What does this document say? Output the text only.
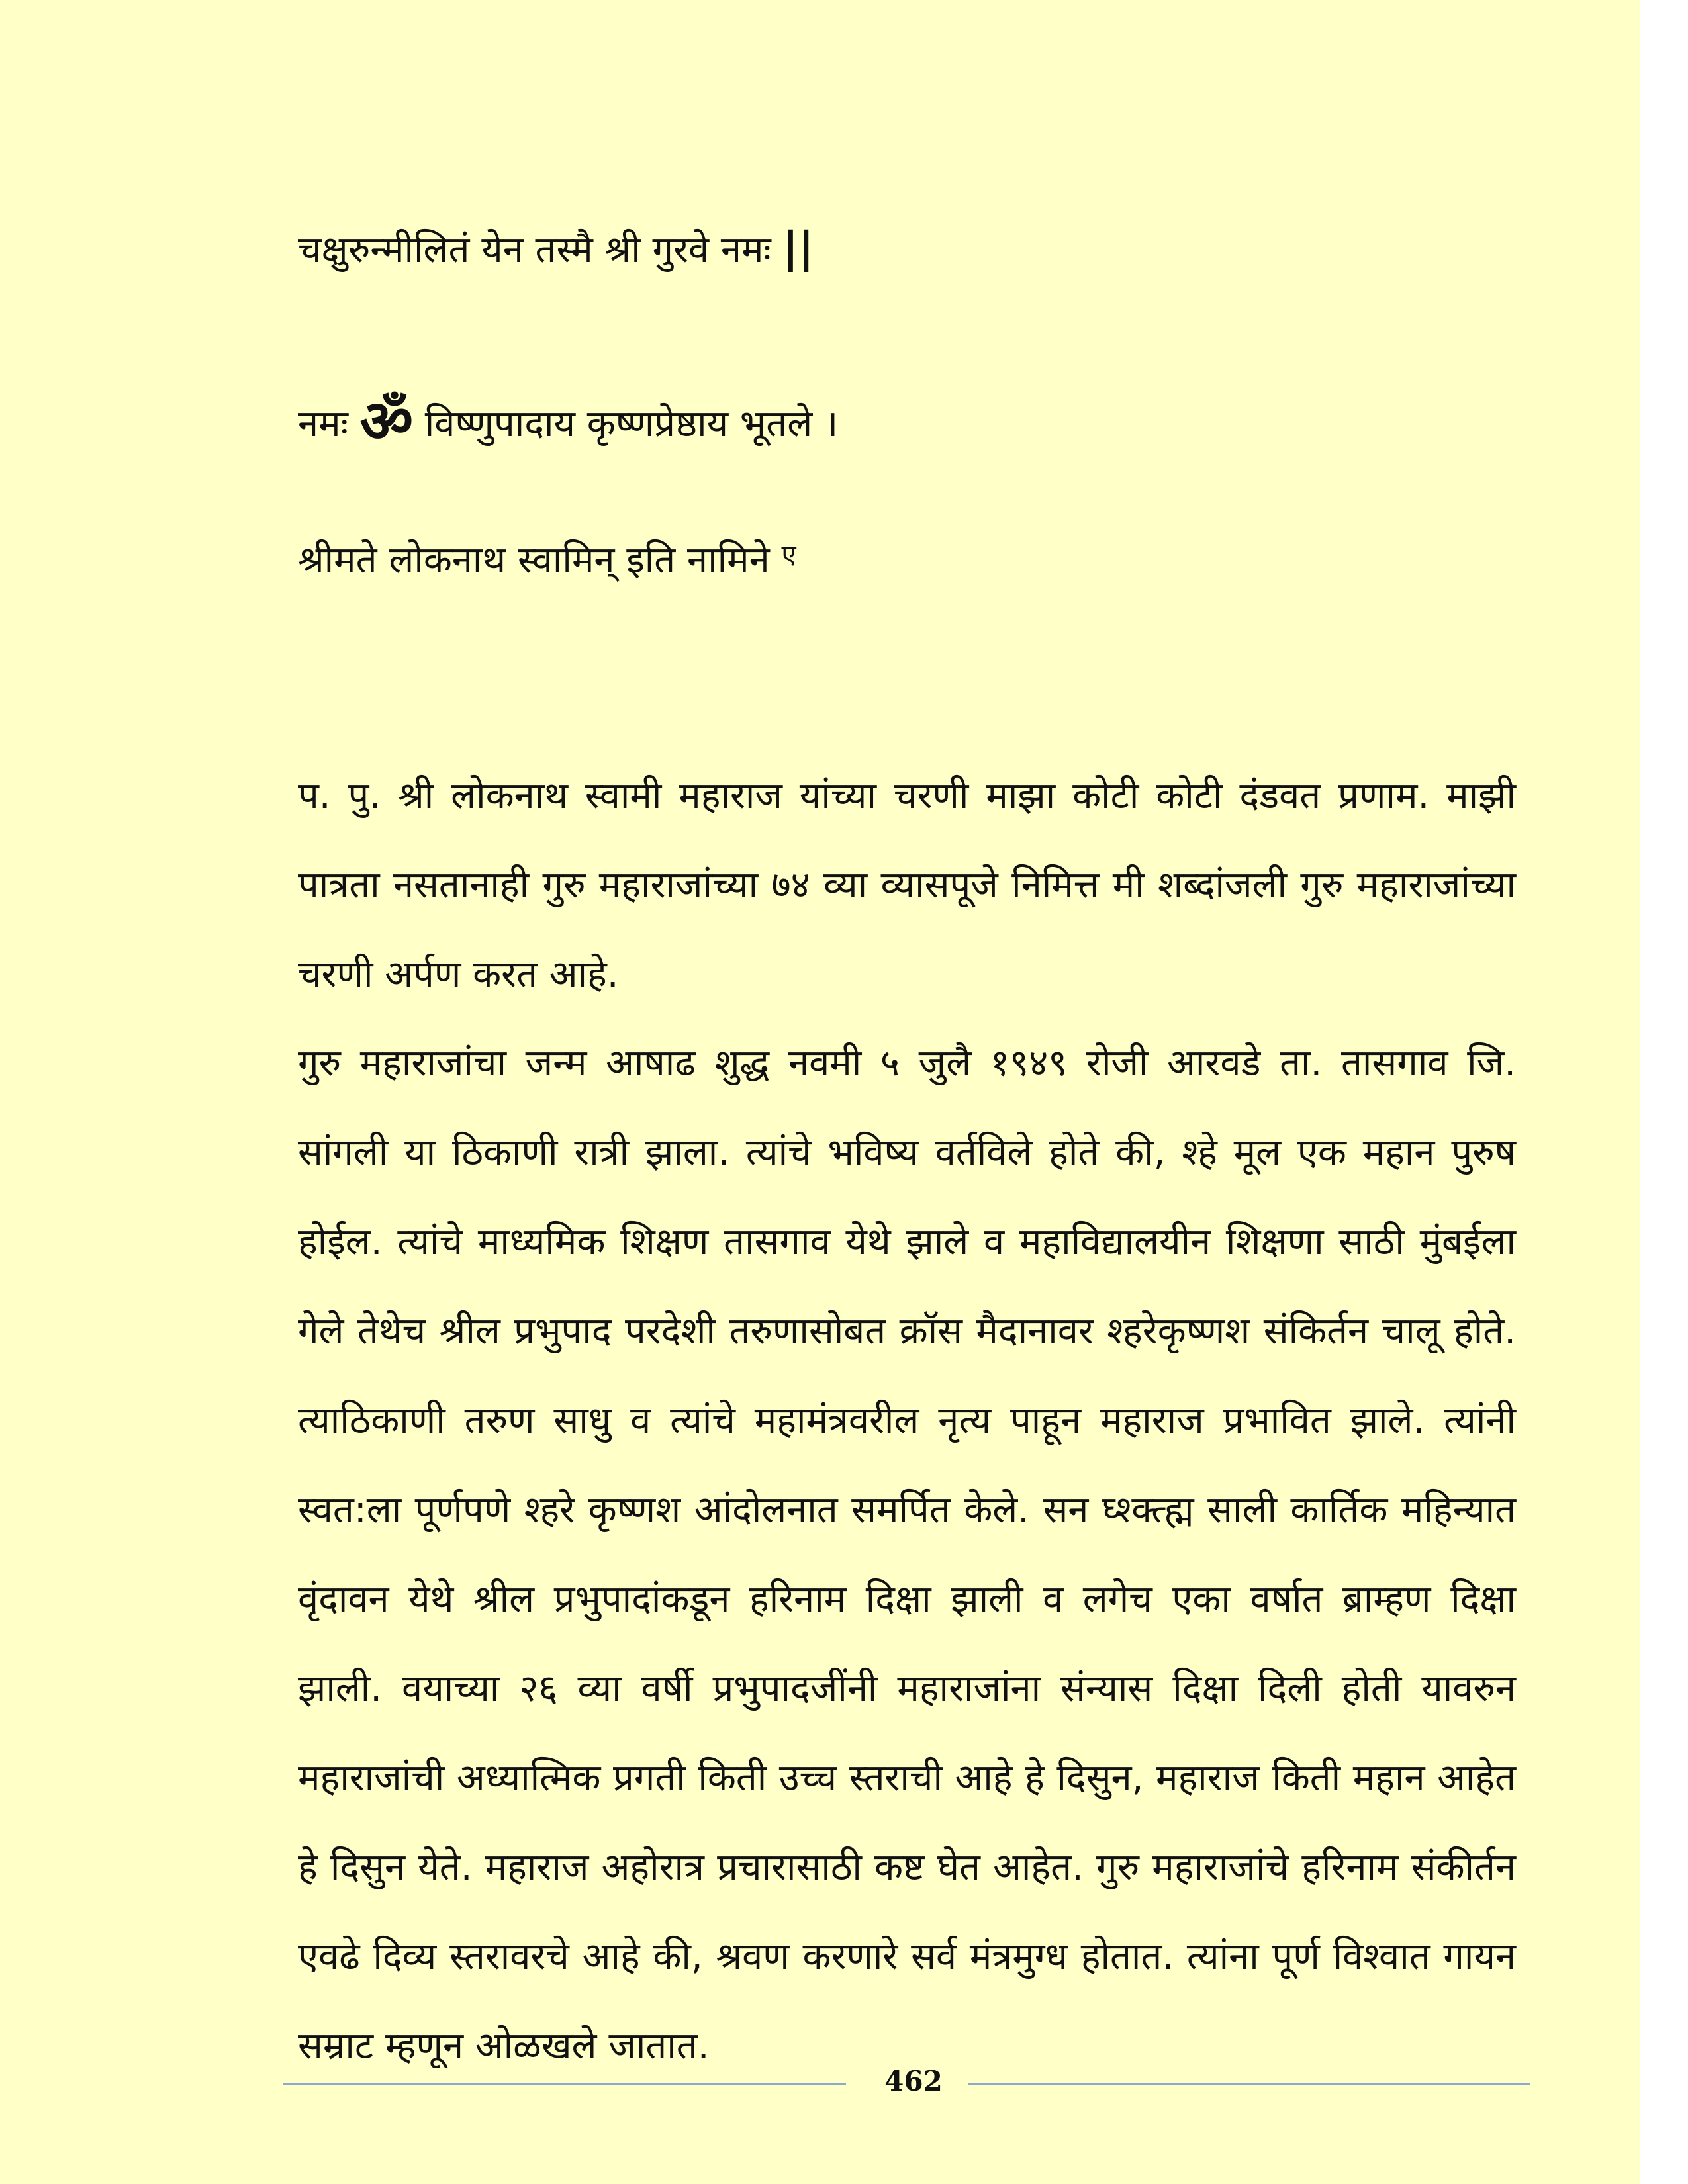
चक्षुरुन्मीलितं येन तस्मै श्री गुरवे नमः ||
नमः ॐ विष्णुपादाय कृष्णप्रेष्ठाय भूतले ।
श्रीमते लोकनाथ स्वामिन् इति नामिने $^ए$

प. पु. श्री लोकनाथ स्वामी महाराज यांच्या चरणी माझा कोटी कोटी दंडवत प्रणाम. माझी पात्रता नसतानाही गुरु महाराजांच्या ७४ व्या व्यासपूजे निमित्त मी शब्दांजली गुरु महाराजांच्या चरणी अर्पण करत आहे.

गुरु महाराजांचा जन्म आषाढ शुद्ध नवमी ५ जुलै १९४९ रोजी आरवडे ता. तासगाव जि. सांगली या ठिकाणी रात्री झाला. त्यांचे भविष्य वर्तविले होते की, श्हे मूल एक महान पुरुष होईल. त्यांचे माध्यमिक शिक्षण तासगाव येथे झाले व महाविद्यालयीन शिक्षणा साठी मुंबईला गेले तेथेच श्रील प्रभुपाद परदेशी तरुणासोबत क्रॉस मैदानावर श्हरेकृष्णश संकिर्तन चालू होते. त्याठिकाणी तरुण साधु व त्यांचे महामंत्रवरील नृत्य पाहून महाराज प्रभावित झाले. त्यांनी स्वत:ला पूर्णपणे श्हरे कृष्णश आंदोलनात समर्पित केले. सन घ्श्क्त्ह्म साली कार्तिक महिन्यात वृंदावन येथे श्रील प्रभुपादांकडून हरिनाम दिक्षा झाली व लगेच एका वर्षात ब्राम्हण दिक्षा झाली. वयाच्या २६ व्या वर्षी प्रभुपादजींनी महाराजांना संन्यास दिक्षा दिली होती यावरुन महाराजांची अध्यात्मिक प्रगती किती उच्च स्तराची आहे हे दिसुन, महाराज किती महान आहेत हे दिसुन येते. महाराज अहोरात्र प्रचारासाठी कष्ट घेत आहेत. गुरु महाराजांचे हरिनाम संकीर्तन एवढे दिव्य स्तरावरचे आहे की, श्रवण करणारे सर्व मंत्रमुग्ध होतात. त्यांना पूर्ण विश्वात गायन सम्राट म्हणून ओळखले जातात.

462
